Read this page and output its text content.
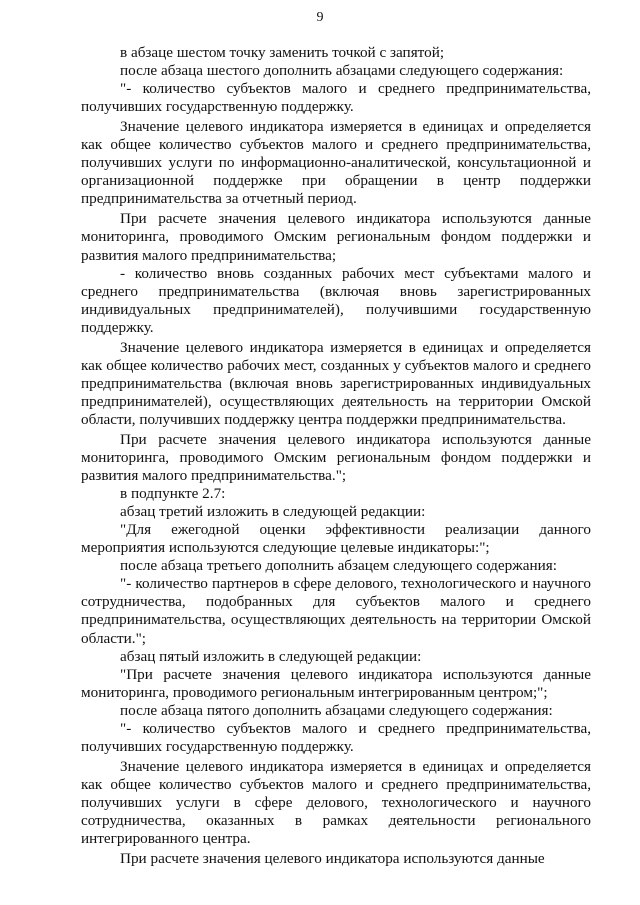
9

в абзаце шестом точку заменить точкой с запятой;

после абзаца шестого дополнить абзацами следующего содержания:

"- количество субъектов малого и среднего предпринимательства, получивших государственную поддержку.

Значение целевого индикатора измеряется в единицах и определяется как общее количество субъектов малого и среднего предпринимательства, получивших услуги по информационно-аналитической, консультационной и организационной поддержке при обращении в центр поддержки предпринимательства за отчетный период.

При расчете значения целевого индикатора используются данные мониторинга, проводимого Омским региональным фондом поддержки и развития малого предпринимательства;

- количество вновь созданных рабочих мест субъектами малого и среднего предпринимательства (включая вновь зарегистрированных индивидуальных предпринимателей), получившими государственную поддержку.

Значение целевого индикатора измеряется в единицах и определяется как общее количество рабочих мест, созданных у субъектов малого и среднего предпринимательства (включая вновь зарегистрированных индивидуальных предпринимателей), осуществляющих деятельность на территории Омской области, получивших поддержку центра поддержки предпринимательства.

При расчете значения целевого индикатора используются данные мониторинга, проводимого Омским региональным фондом поддержки и развития малого предпринимательства.";

в подпункте 2.7:

абзац третий изложить в следующей редакции:

"Для ежегодной оценки эффективности реализации данного мероприятия используются следующие целевые индикаторы:";

после абзаца третьего дополнить абзацем следующего содержания:

"- количество партнеров в сфере делового, технологического и научного сотрудничества, подобранных для субъектов малого и среднего предпринимательства, осуществляющих деятельность на территории Омской области.";

абзац пятый изложить в следующей редакции:

"При расчете значения целевого индикатора используются данные мониторинга, проводимого региональным интегрированным центром;";

после абзаца пятого дополнить абзацами следующего содержания:

"- количество субъектов малого и среднего предпринимательства, получивших государственную поддержку.

Значение целевого индикатора измеряется в единицах и определяется как общее количество субъектов малого и среднего предпринимательства, получивших услуги в сфере делового, технологического и научного сотрудничества, оказанных в рамках деятельности регионального интегрированного центра.

При расчете значения целевого индикатора используются данные
